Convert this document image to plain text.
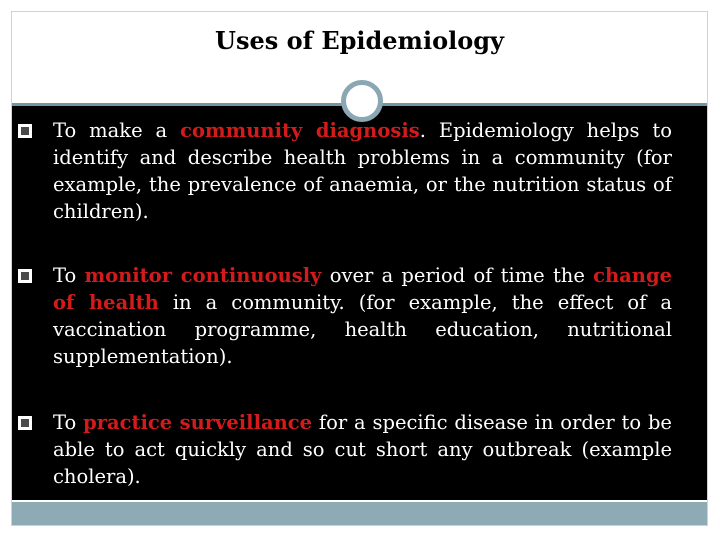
Uses of Epidemiology
To make a community diagnosis. Epidemiology helps to identify and describe health problems in a community (for example, the prevalence of anaemia, or the nutrition status of children).
To monitor continuously over a period of time the change of health in a community. (for example, the effect of a vaccination programme, health education, nutritional supplementation).
To practice surveillance for a specific disease in order to be able to act quickly and so cut short any outbreak (example cholera).
